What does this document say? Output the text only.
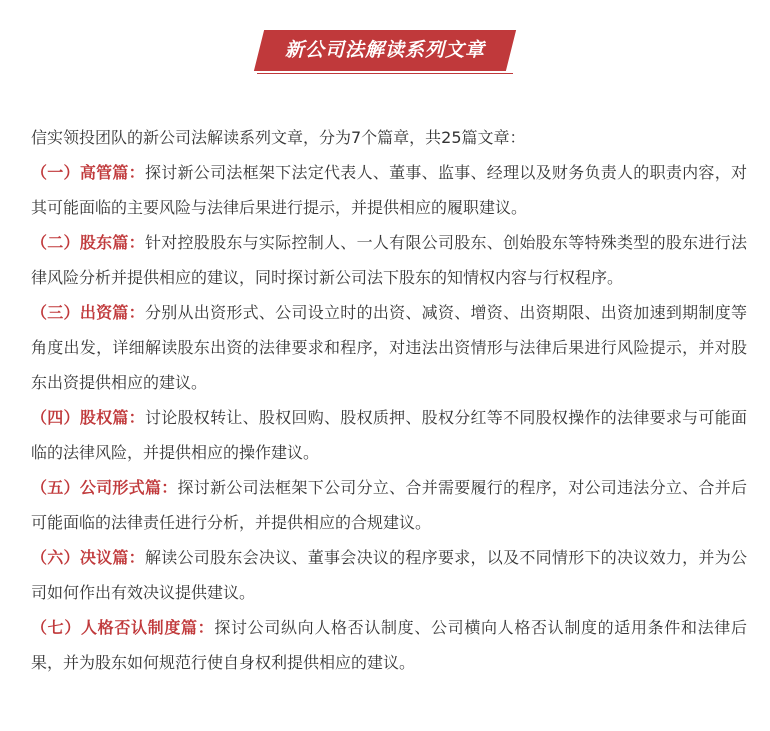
新公司法解读系列文章

信实领投团队的新公司法解读系列文章，分为7个篇章，共25篇文章：

（一）高管篇：探讨新公司法框架下法定代表人、董事、监事、经理以及财务负责人的职责内容，对其可能面临的主要风险与法律后果进行提示，并提供相应的履职建议。

（二）股东篇：针对控股股东与实际控制人、一人有限公司股东、创始股东等特殊类型的股东进行法律风险分析并提供相应的建议，同时探讨新公司法下股东的知情权内容与行权程序。

（三）出资篇：分别从出资形式、公司设立时的出资、减资、增资、出资期限、出资加速到期制度等角度出发，详细解读股东出资的法律要求和程序，对违法出资情形与法律后果进行风险提示，并对股东出资提供相应的建议。

（四）股权篇：讨论股权转让、股权回购、股权质押、股权分红等不同股权操作的法律要求与可能面临的法律风险，并提供相应的操作建议。

（五）公司形式篇：探讨新公司法框架下公司分立、合并需要履行的程序，对公司违法分立、合并后可能面临的法律责任进行分析，并提供相应的合规建议。

（六）决议篇：解读公司股东会决议、董事会决议的程序要求，以及不同情形下的决议效力，并为公司如何作出有效决议提供建议。

（七）人格否认制度篇：探讨公司纵向人格否认制度、公司横向人格否认制度的适用条件和法律后果，并为股东如何规范行使自身权利提供相应的建议。
